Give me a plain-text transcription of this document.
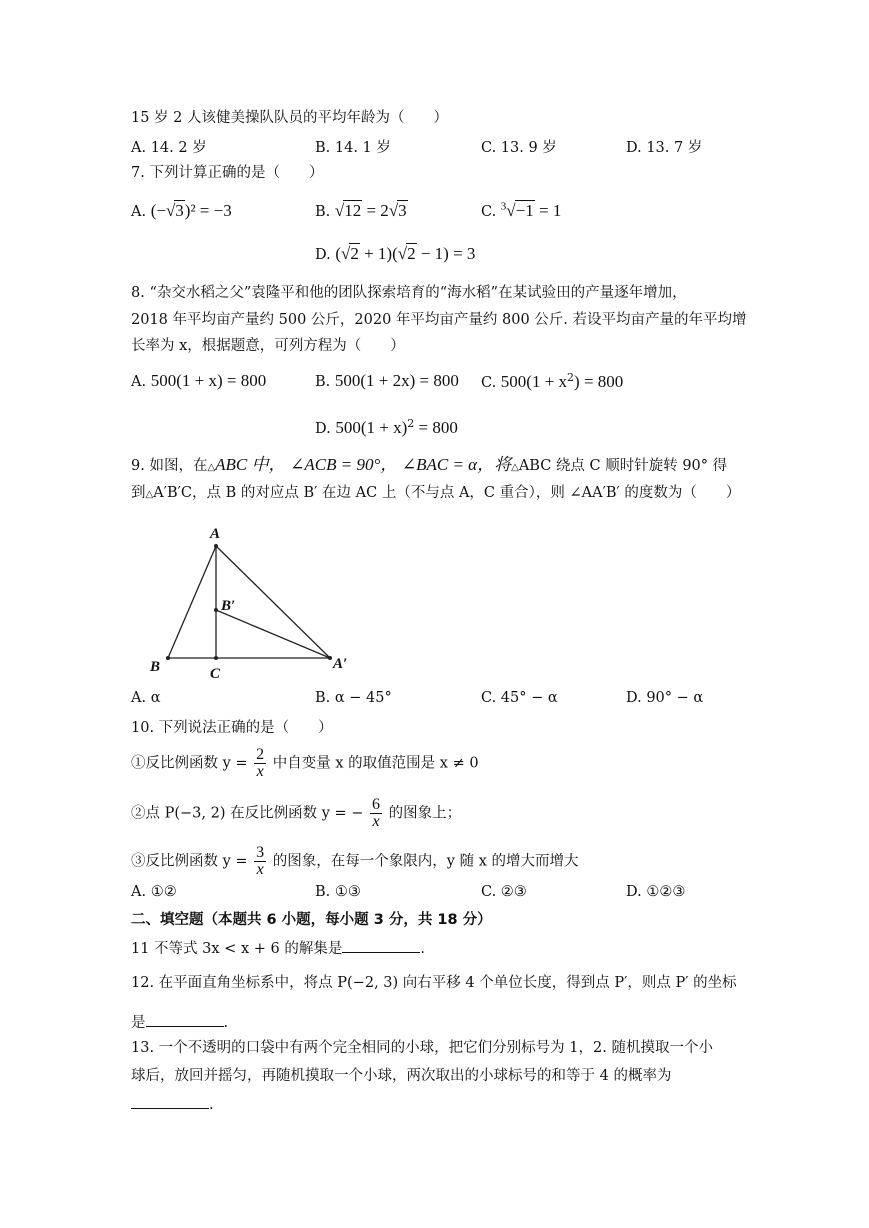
15 岁 2 人该健美操队队员的平均年龄为（　　）
A. 14. 2 岁	B. 14. 1 岁	C. 13. 9 岁	D. 13. 7 岁
7. 下列计算正确的是（　　）
A. (−√3)² = −3	B. √12 = 2√3	C. $^3$√−1 = 1
D. (√2 + 1)(√2 − 1) = 3
8. “杂交水稻之父”袁隆平和他的团队探索培育的“海水稻”在某试验田的产量逐年增加，
2018 年平均亩产量约 500 公斤，2020 年平均亩产量约 800 公斤. 若设平均亩产量的年平均增
长率为 x，根据题意，可列方程为（　　）
A. 500(1 + x) = 800	B. 500(1 + 2x) = 800 C. $500(1 + x^2) = 800$
D. $500(1 + x)^2 = 800$
9. 如图，在△ABC 中， ∠ACB = 90°， ∠BAC = α，将△ABC 绕点 C 顺时针旋转 90° 得
到△A′B′C，点 B 的对应点 B′ 在边 AC 上（不与点 A，C 重合），则 ∠AA′B′ 的度数为（　　）
A
B	C
B′
A′
A. α	B. α − 45°	C. 45° − α	D. 90° − α
10. 下列说法正确的是（　　）
①反比例函数 $y = \frac{2}{x}$ 中自变量 x 的取值范围是 x ≠ 0
②点 P(−3, 2) 在反比例函数 y = − $\frac{6}{x}$ 的图象上；
③反比例函数 $y = \frac{3}{x}$ 的图象，在每一个象限内，y 随 x 的增大而增大
A. ①②	B. ①③	C. ②③	D. ①②③
二、填空题（本题共 6 小题，每小题 3 分，共 18 分）
11 不等式 3x < x + 6 的解集是	.
12. 在平面直角坐标系中，将点 P(−2, 3) 向右平移 4 个单位长度，得到点 P′，则点 P′ 的坐标
是	.
13. 一个不透明的口袋中有两个完全相同的小球，把它们分别标号为 1，2. 随机摸取一个小
球后，放回并摇匀，再随机摸取一个小球，两次取出的小球标号的和等于 4 的概率为
.
